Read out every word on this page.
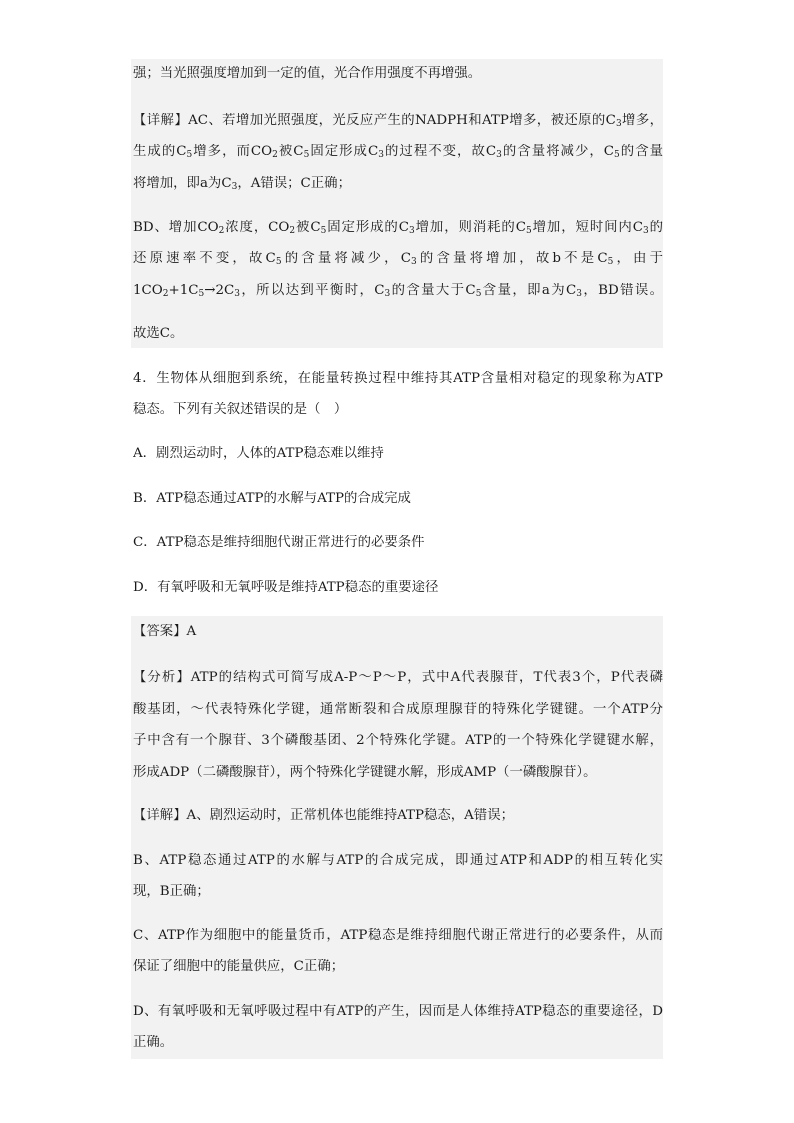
强；当光照强度增加到一定的值，光合作用强度不再增强。
【详解】AC、若增加光照强度，光反应产生的NADPH和ATP增多，被还原的$C_3$增多，
生成的$C_5$增多，而$CO_2$被$C_5$固定形成$C_3$的过程不变，故$C_3$的含量将减少，$C_5$的含量
将增加，即a为$C_3$，A错误；C正确；
BD、增加$CO_2$浓度，$CO_2$被$C_5$固定形成的$C_3$增加，则消耗的$C_5$增加，短时间内$C_3$的
还原速率不变，故$C_5$的含量将减少，$C_3$的含量将增加，故b不是$C_5$，由于
$1CO_2+1C_5\to 2C_3$，所以达到平衡时，$C_3$的含量大于$C_5$含量，即a为$C_3$，BD错误。
故选C。
4．生物体从细胞到系统，在能量转换过程中维持其ATP含量相对稳定的现象称为ATP
稳态。下列有关叙述错误的是（　）
A．剧烈运动时，人体的ATP稳态难以维持
B．ATP稳态通过ATP的水解与ATP的合成完成
C．ATP稳态是维持细胞代谢正常进行的必要条件
D．有氧呼吸和无氧呼吸是维持ATP稳态的重要途径
【答案】A
【分析】ATP的结构式可简写成A-P～P～P，式中A代表腺苷，T代表3个，P代表磷
酸基团，～代表特殊化学键，通常断裂和合成原理腺苷的特殊化学键键。一个ATP分
子中含有一个腺苷、3个磷酸基团、2个特殊化学键。ATP的一个特殊化学键键水解，
形成ADP（二磷酸腺苷），两个特殊化学键键水解，形成AMP（一磷酸腺苷）。
【详解】A、剧烈运动时，正常机体也能维持ATP稳态，A错误；
B、ATP稳态通过ATP的水解与ATP的合成完成，即通过ATP和ADP的相互转化实
现，B正确；
C、ATP作为细胞中的能量货币，ATP稳态是维持细胞代谢正常进行的必要条件，从而
保证了细胞中的能量供应，C正确；
D、有氧呼吸和无氧呼吸过程中有ATP的产生，因而是人体维持ATP稳态的重要途径，D
正确。
